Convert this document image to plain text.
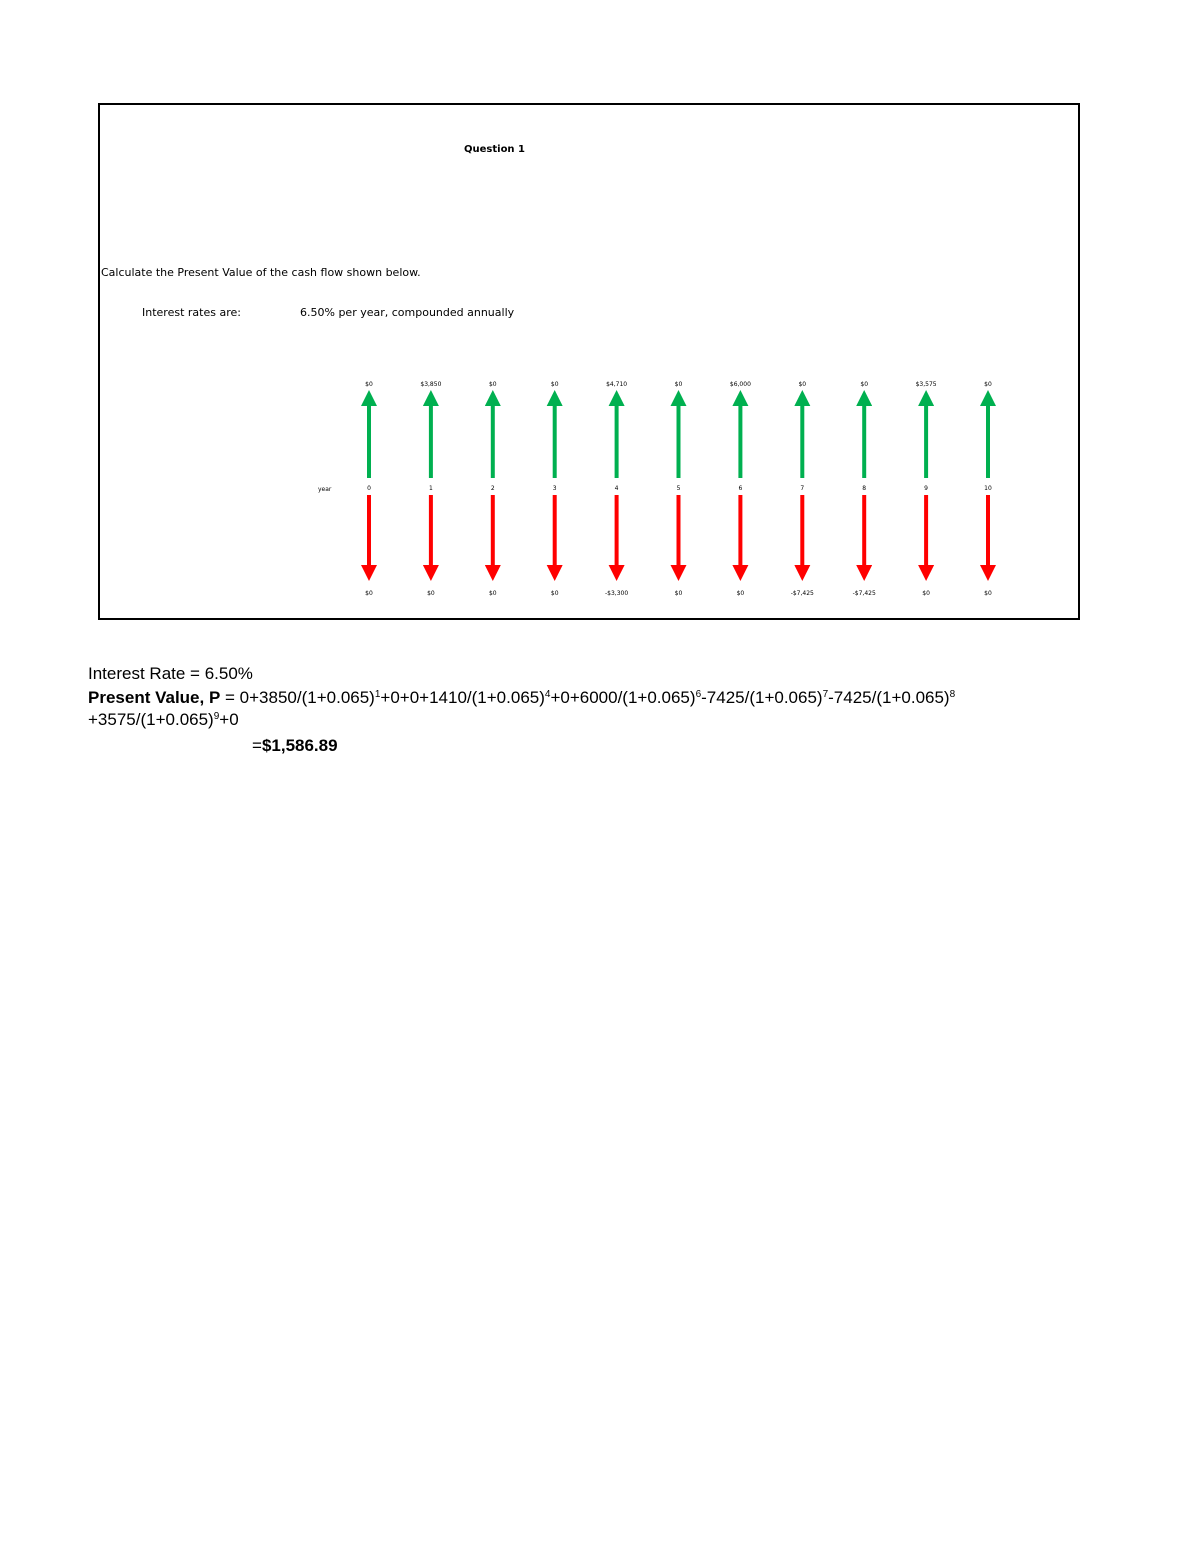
Question 1
Calculate the Present Value of the cash flow shown below.
Interest rates are:	6.50% per year, compounded annually
year
$0
0
$0
$3,850
1
$0
$0
2
$0
$0
3
$0
$4,710
4
-$3,300
$0
5
$0
$6,000
6
$0
$0
7
-$7,425
$0
8
-$7,425
$3,575
9
$0
$0
10
$0
Interest Rate = 6.50%
Present Value, $P = 0+3850/(1+0.065)^1+0+0+1410/(1+0.065)^4+0+6000/(1+0.065)^6-7425/(1+0.065)^7-7425/(1+0.065)^8$
$+3575/(1+0.065)^9+0$
=$1,586.89
